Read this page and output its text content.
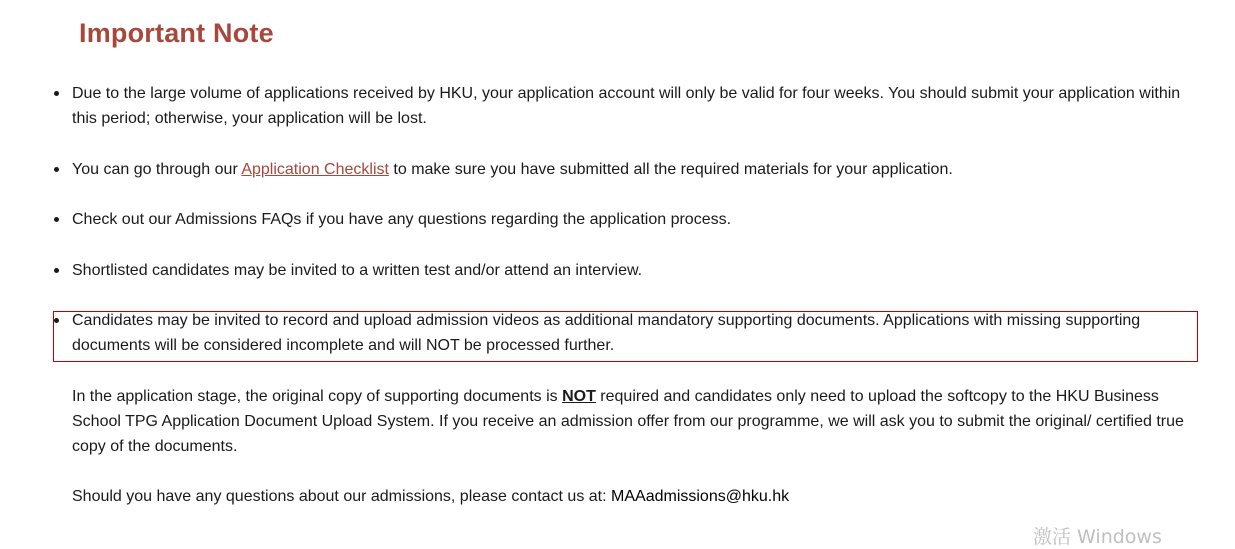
Important Note
Due to the large volume of applications received by HKU, your application account will only be valid for four weeks. You should submit your application within this period; otherwise, your application will be lost.
You can go through our Application Checklist to make sure you have submitted all the required materials for your application.
Check out our Admissions FAQs if you have any questions regarding the application process.
Shortlisted candidates may be invited to a written test and/or attend an interview.
Candidates may be invited to record and upload admission videos as additional mandatory supporting documents. Applications with missing supporting documents will be considered incomplete and will NOT be processed further.

In the application stage, the original copy of supporting documents is NOT required and candidates only need to upload the softcopy to the HKU Business School TPG Application Document Upload System. If you receive an admission offer from our programme, we will ask you to submit the original/ certified true copy of the documents.

Should you have any questions about our admissions, please contact us at: MAAadmissions@hku.hk

激活 Windows
